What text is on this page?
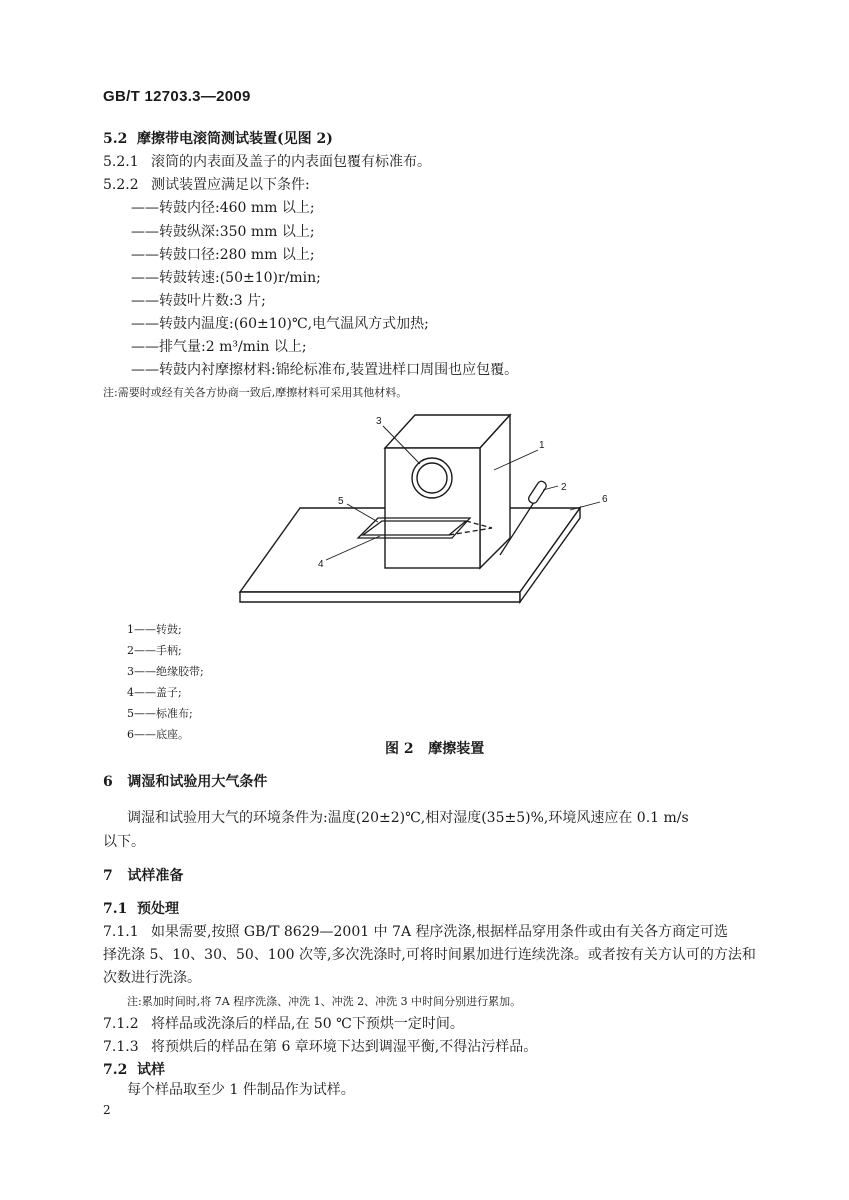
GB/T 12703.3—2009
5.2 摩擦带电滚筒测试装置(见图 2)
5.2.1 滚筒的内表面及盖子的内表面包覆有标准布。
5.2.2 测试装置应满足以下条件:
——转鼓内径:460 mm 以上;
——转鼓纵深:350 mm 以上;
——转鼓口径:280 mm 以上;
——转鼓转速:(50±10)r/min;
——转鼓叶片数:3 片;
——转鼓内温度:(60±10)℃,电气温风方式加热;
——排气量:2 m³/min 以上;
——转鼓内衬摩擦材料:锦纶标准布,装置进样口周围也应包覆。
注:需要时或经有关各方协商一致后,摩擦材料可采用其他材料。
1
2
3
4
5	6
1——转鼓;
2——手柄;
3——绝缘胶带;
4——盖子;
5——标准布;
6——底座。
图 2   摩擦装置
6   调湿和试验用大气条件
调湿和试验用大气的环境条件为:温度(20±2)℃,相对湿度(35±5)%,环境风速应在 0.1 m/s
以下。
7   试样准备
7.1 预处理
7.1.1 如果需要,按照 GB/T 8629—2001 中 7A 程序洗涤,根据样品穿用条件或由有关各方商定可选
择洗涤 5、10、30、50、100 次等,多次洗涤时,可将时间累加进行连续洗涤。或者按有关方认可的方法和
次数进行洗涤。
注:累加时间时,将 7A 程序洗涤、冲洗 1、冲洗 2、冲洗 3 中时间分别进行累加。
7.1.2 将样品或洗涤后的样品,在 50 ℃下预烘一定时间。
7.1.3 将预烘后的样品在第 6 章环境下达到调湿平衡,不得沾污样品。
7.2 试样
每个样品取至少 1 件制品作为试样。
2
